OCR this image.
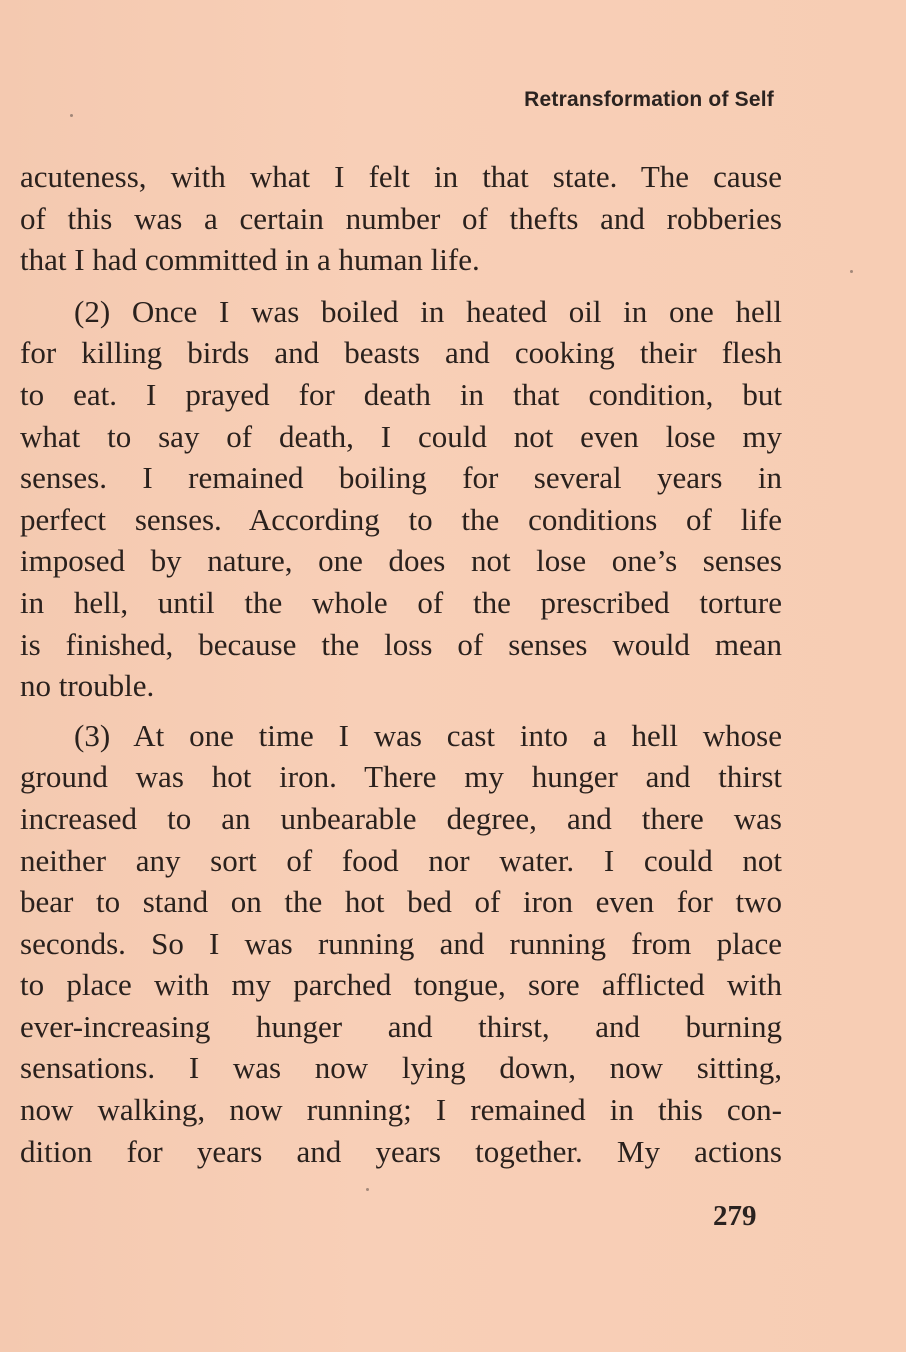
Retransformation of Self
acuteness, with what I felt in that state. The cause
of this was a certain number of thefts and robberies
that I had committed in a human life.
(2) Once I was boiled in heated oil in one hell
for killing birds and beasts and cooking their flesh
to eat. I prayed for death in that condition, but
what to say of death, I could not even lose my
senses. I remained boiling for several years in
perfect senses. According to the conditions of life
imposed by nature, one does not lose one’s senses
in hell, until the whole of the prescribed torture
is finished, because the loss of senses would mean
no trouble.
(3) At one time I was cast into a hell whose
ground was hot iron. There my hunger and thirst
increased to an unbearable degree, and there was
neither any sort of food nor water. I could not
bear to stand on the hot bed of iron even for two
seconds. So I was running and running from place
to place with my parched tongue, sore afflicted with
ever-increasing hunger and thirst, and burning
sensations. I was now lying down, now sitting,
now walking, now running; I remained in this con-
dition for years and years together. My actions
279
